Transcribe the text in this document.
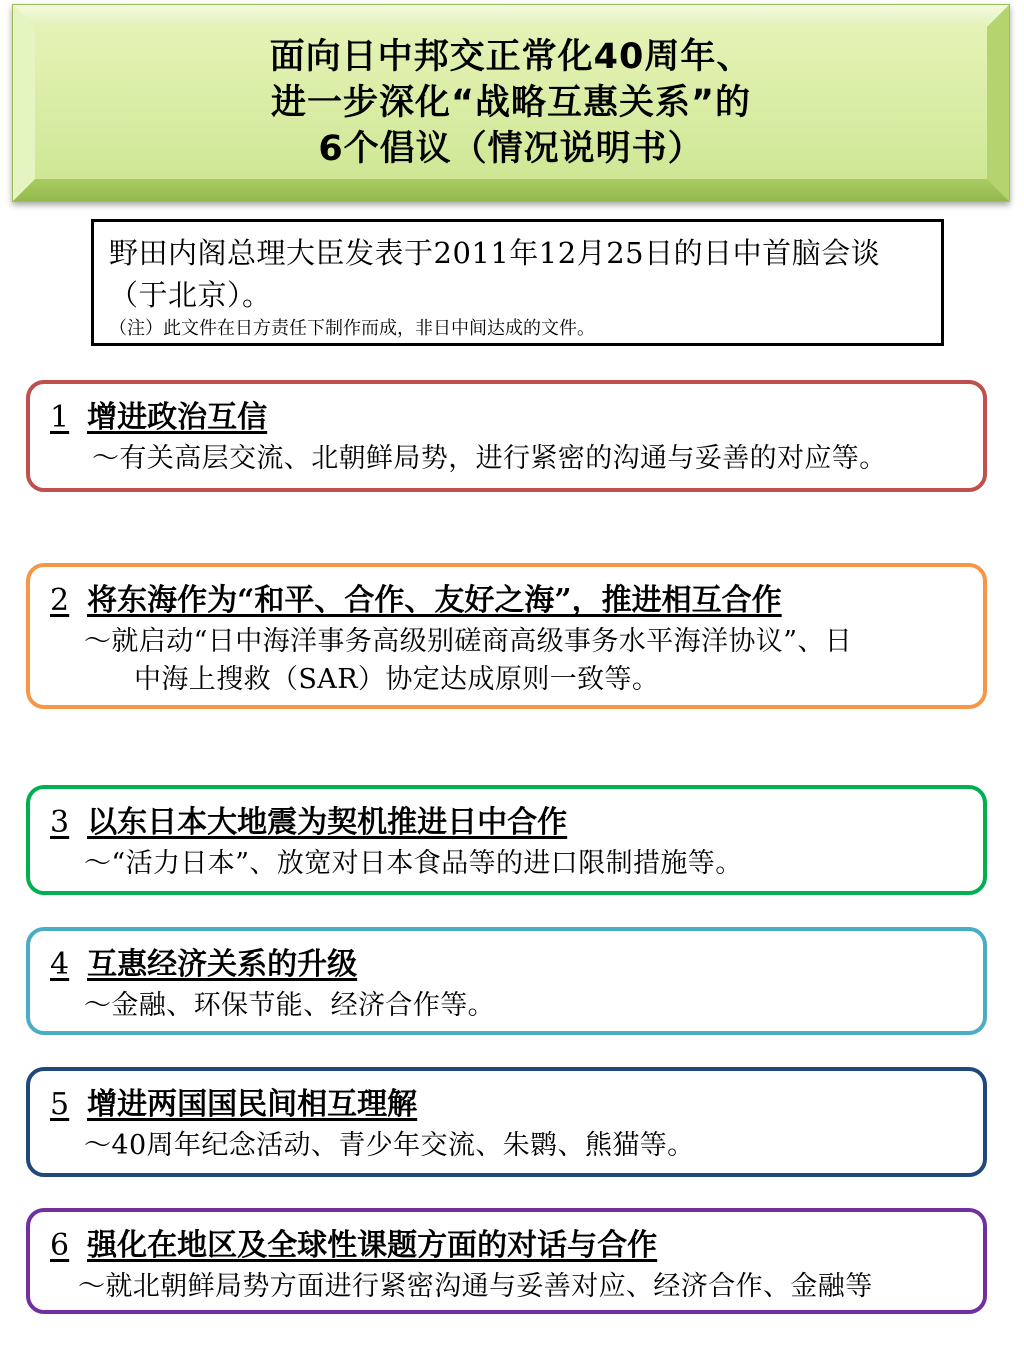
面向日中邦交正常化40周年、
进一步深化“战略互惠关系”的
6个倡议（情况说明书）

野田内阁总理大臣发表于2011年12月25日的日中首脑会谈（于北京）。

（注）此文件在日方责任下制作而成，非日中间达成的文件。

1 增进政治互信

～有关高层交流、北朝鲜局势，进行紧密的沟通与妥善的对应等。

2 将东海作为“和平、合作、友好之海”，推进相互合作

～就启动“日中海洋事务高级别磋商高级事务水平海洋协议”、日
中海上搜救（SAR）协定达成原则一致等。

3 以东日本大地震为契机推进日中合作

～“活力日本”、放宽对日本食品等的进口限制措施等。

4 互惠经济关系的升级

～金融、环保节能、经济合作等。

5 增进两国国民间相互理解

～40周年纪念活动、青少年交流、朱鹮、熊猫等。

6 强化在地区及全球性课题方面的对话与合作

～就北朝鲜局势方面进行紧密沟通与妥善对应、经济合作、金融等
